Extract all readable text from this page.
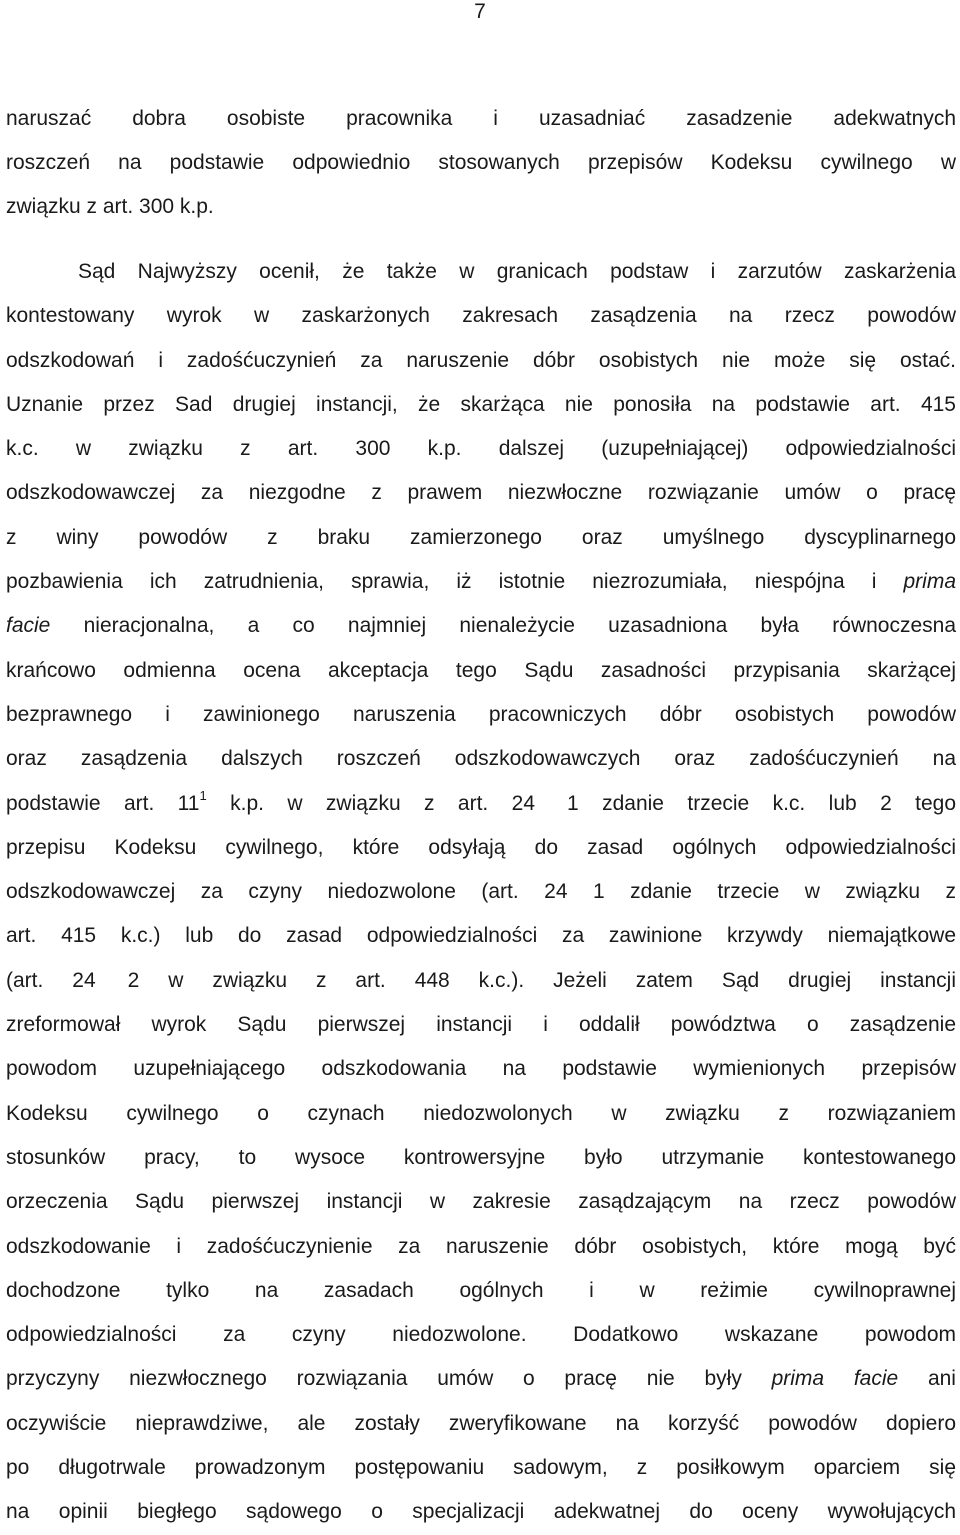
7
naruszać dobra osobiste pracownika i uzasadniać zasadzenie adekwatnych
roszczeń na podstawie odpowiednio stosowanych przepisów Kodeksu cywilnego w
związku z art. 300 k.p.
Sąd Najwyższy ocenił, że także w granicach podstaw i zarzutów zaskarżenia
kontestowany wyrok w zaskarżonych zakresach zasądzenia na rzecz powodów
odszkodowań i zadośćuczynień za naruszenie dóbr osobistych nie może się ostać.
Uznanie przez Sad drugiej instancji, że skarżąca nie ponosiła na podstawie art. 415
k.c. w związku z art. 300 k.p. dalszej (uzupełniającej) odpowiedzialności
odszkodowawczej za niezgodne z prawem niezwłoczne rozwiązanie umów o pracę
z winy powodów z braku zamierzonego oraz umyślnego dyscyplinarnego
pozbawienia ich zatrudnienia, sprawia, iż istotnie niezrozumiała, niespójna i prima
facie nieracjonalna, a co najmniej nienależycie uzasadniona była równoczesna
krańcowo odmienna ocena akceptacja tego Sądu zasadności przypisania skarżącej
bezprawnego i zawinionego naruszenia pracowniczych dóbr osobistych powodów
oraz zasądzenia dalszych roszczeń odszkodowawczych oraz zadośćuczynień na
podstawie art. $11^1$ k.p. w związku z art. 24 1 zdanie trzecie k.c. lub 2 tego
przepisu Kodeksu cywilnego, które odsyłają do zasad ogólnych odpowiedzialności
odszkodowawczej za czyny niedozwolone (art. 24 1 zdanie trzecie w związku z
art. 415 k.c.) lub do zasad odpowiedzialności za zawinione krzywdy niemajątkowe
(art. 24 2 w związku z art. 448 k.c.). Jeżeli zatem Sąd drugiej instancji
zreformował wyrok Sądu pierwszej instancji i oddalił powództwa o zasądzenie
powodom uzupełniającego odszkodowania na podstawie wymienionych przepisów
Kodeksu cywilnego o czynach niedozwolonych w związku z rozwiązaniem
stosunków pracy, to wysoce kontrowersyjne było utrzymanie kontestowanego
orzeczenia Sądu pierwszej instancji w zakresie zasądzającym na rzecz powodów
odszkodowanie i zadośćuczynienie za naruszenie dóbr osobistych, które mogą być
dochodzone tylko na zasadach ogólnych i w reżimie cywilnoprawnej
odpowiedzialności za czyny niedozwolone. Dodatkowo wskazane powodom
przyczyny niezwłocznego rozwiązania umów o pracę nie były prima facie ani
oczywiście nieprawdziwe, ale zostały zweryfikowane na korzyść powodów dopiero
po długotrwale prowadzonym postępowaniu sadowym, z posiłkowym oparciem się
na opinii biegłego sądowego o specjalizacji adekwatnej do oceny wywołujących
